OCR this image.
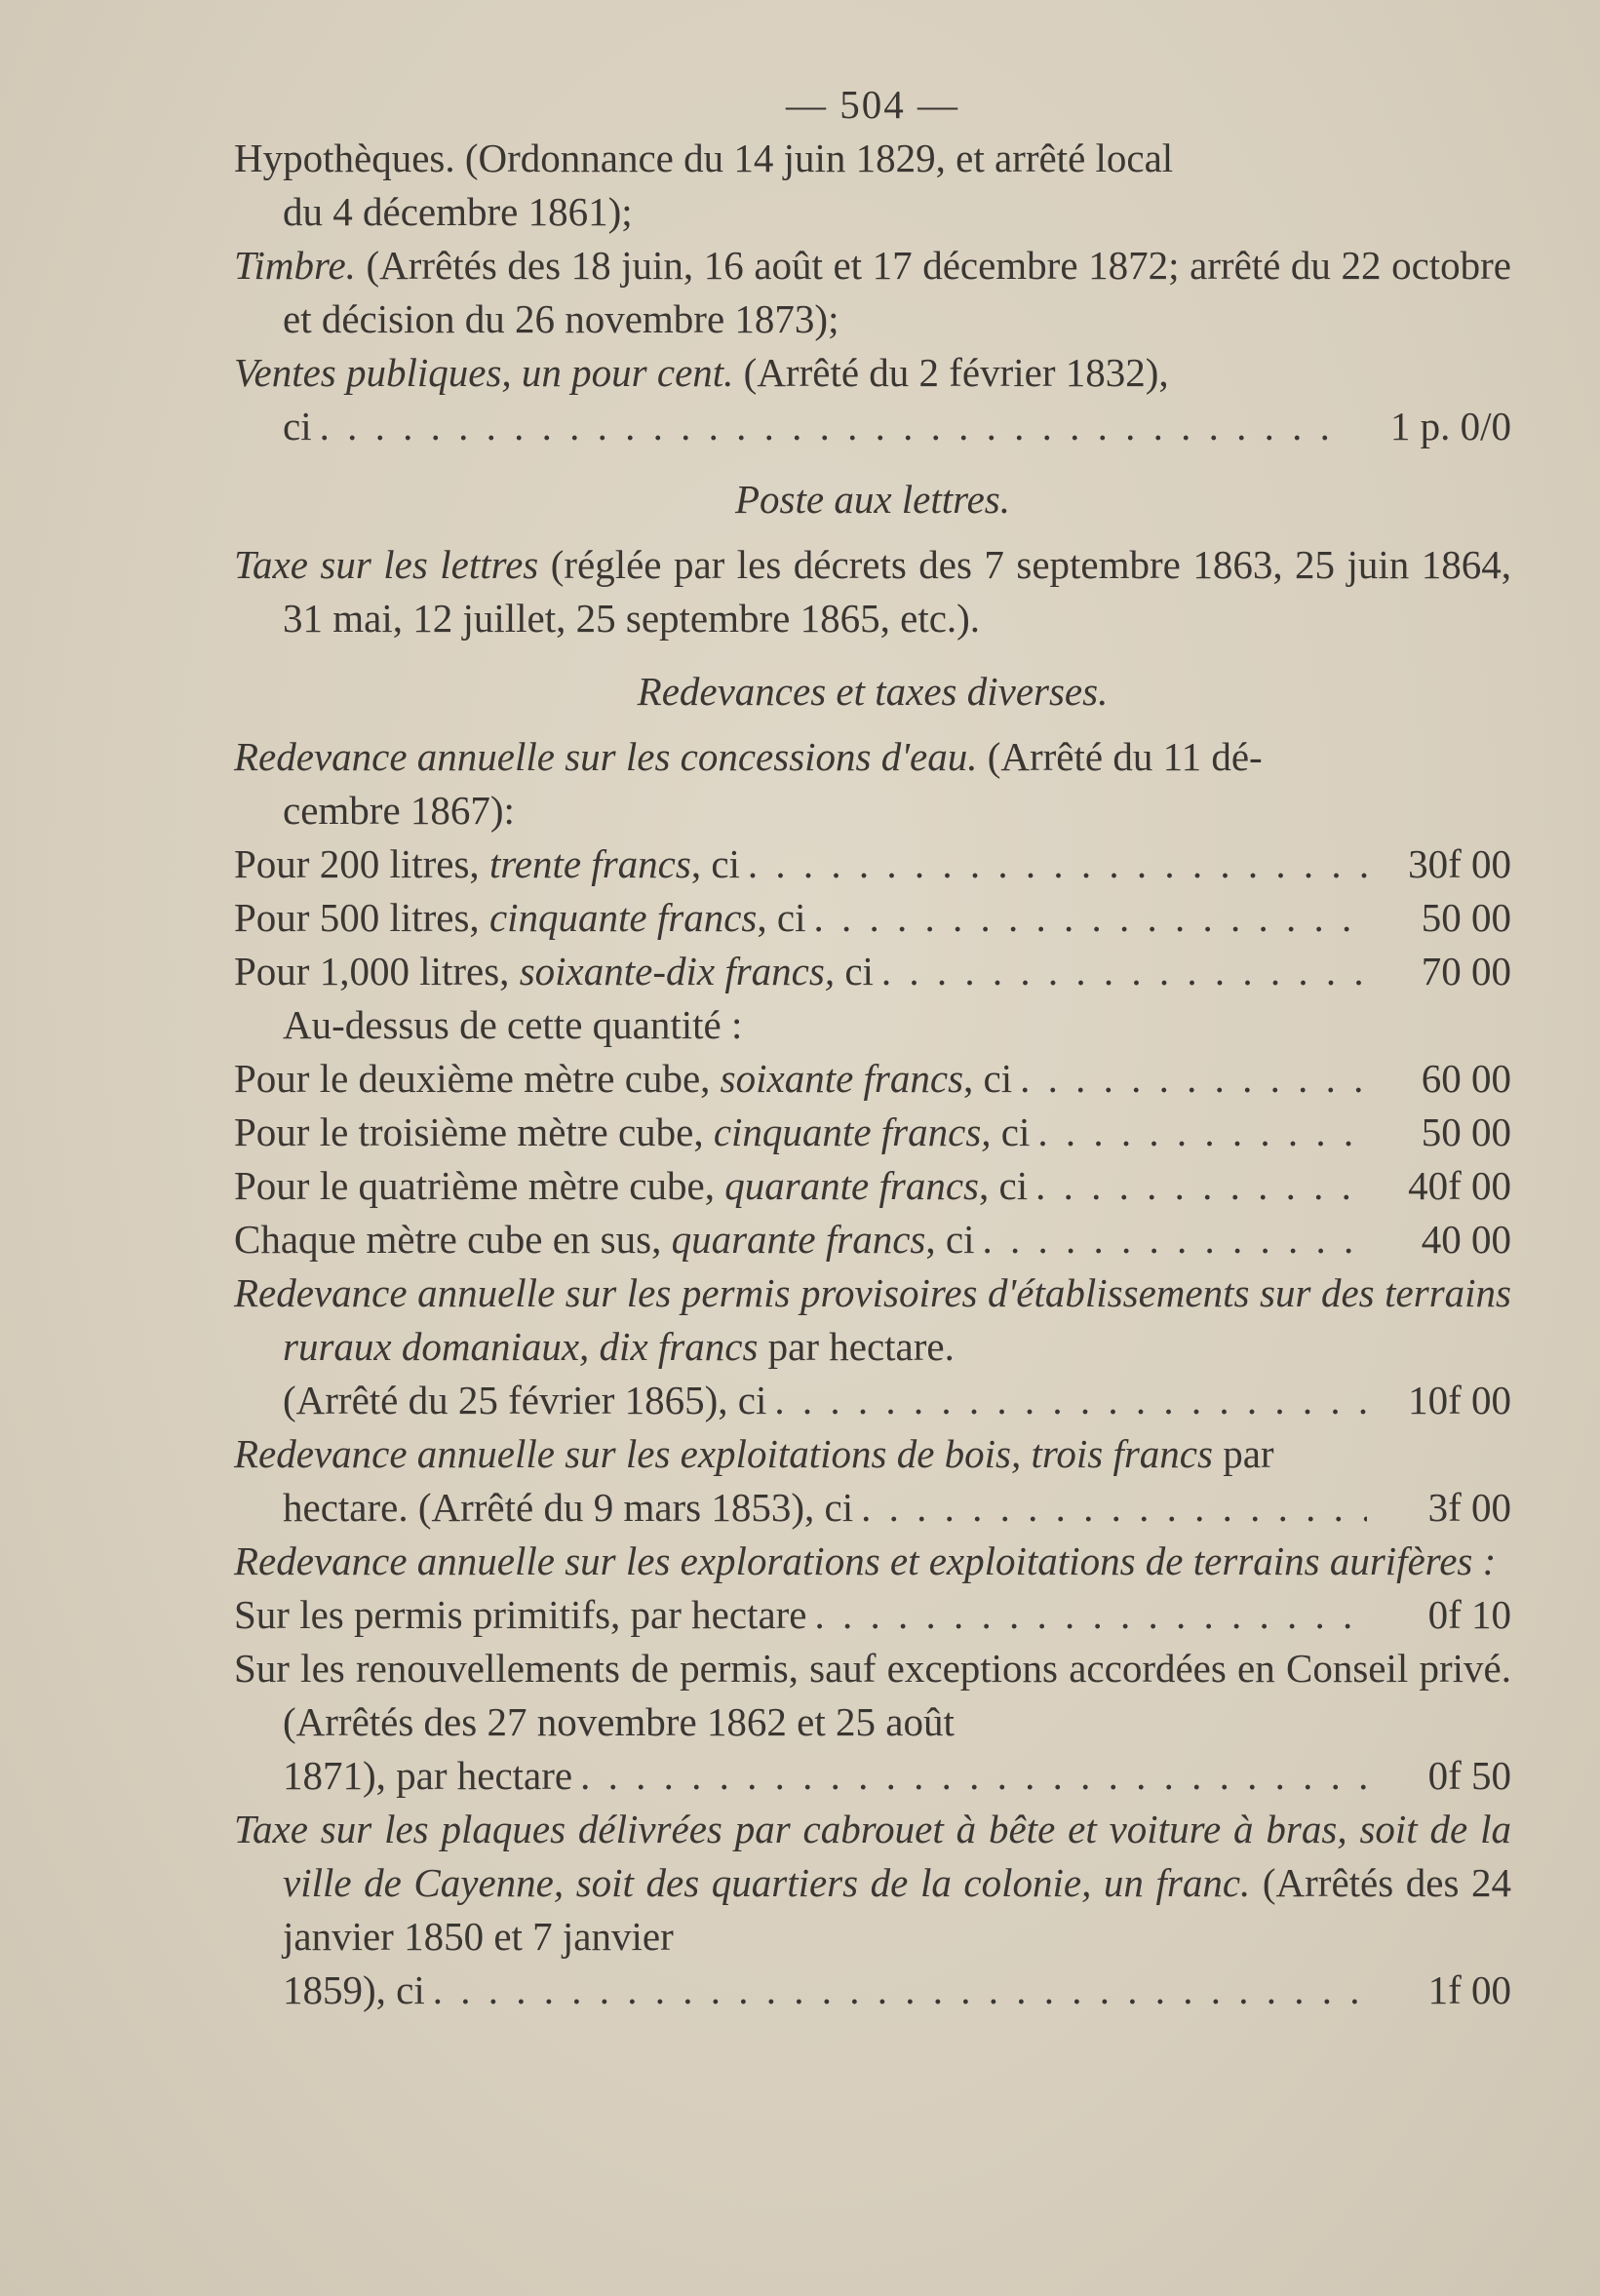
— 504 —

Hypothèques. (Ordonnance du 14 juin 1829, et arrêté local
du 4 décembre 1861);

Timbre. (Arrêtés des 18 juin, 16 août et 17 décembre 1872; arrêté du 22 octobre et décision du 26 novembre 1873);

Ventes publiques, un pour cent. (Arrêté du 2 février 1832),

ci . . .	1 p. 0/0

Poste aux lettres.

Taxe sur les lettres (réglée par les décrets des 7 septembre 1863, 25 juin 1864, 31 mai, 12 juillet, 25 septembre 1865, etc.).

Redevances et taxes diverses.

Redevance annuelle sur les concessions d'eau. (Arrêté du 11 dé-
cembre 1867):

Pour 200 litres, trente francs, ci . . .	30f 00
Pour 500 litres, cinquante francs, ci . . .	50 00
Pour 1,000 litres, soixante-dix francs, ci . . .	70 00

Au-dessus de cette quantité :

Pour le deuxième mètre cube, soixante francs, ci . . .	60 00
Pour le troisième mètre cube, cinquante francs, ci . . .	50 00
Pour le quatrième mètre cube, quarante francs, ci . . .	40f 00
Chaque mètre cube en sus, quarante francs, ci . . .	40 00

Redevance annuelle sur les permis provisoires d'établissements sur des terrains ruraux domaniaux, dix francs par hectare.

(Arrêté du 25 février 1865), ci . . .	10f 00

Redevance annuelle sur les exploitations de bois, trois francs par

hectare. (Arrêté du 9 mars 1853), ci . . .	3f 00

Redevance annuelle sur les explorations et exploitations de terrains aurifères :

Sur les permis primitifs, par hectare . . .	0f 10

Sur les renouvellements de permis, sauf exceptions accordées en Conseil privé. (Arrêtés des 27 novembre 1862 et 25 août

1871), par hectare . . .	0f 50

Taxe sur les plaques délivrées par cabrouet à bête et voiture à bras, soit de la ville de Cayenne, soit des quartiers de la colonie, un franc. (Arrêtés des 24 janvier 1850 et 7 janvier

1859), ci . . .	1f 00
